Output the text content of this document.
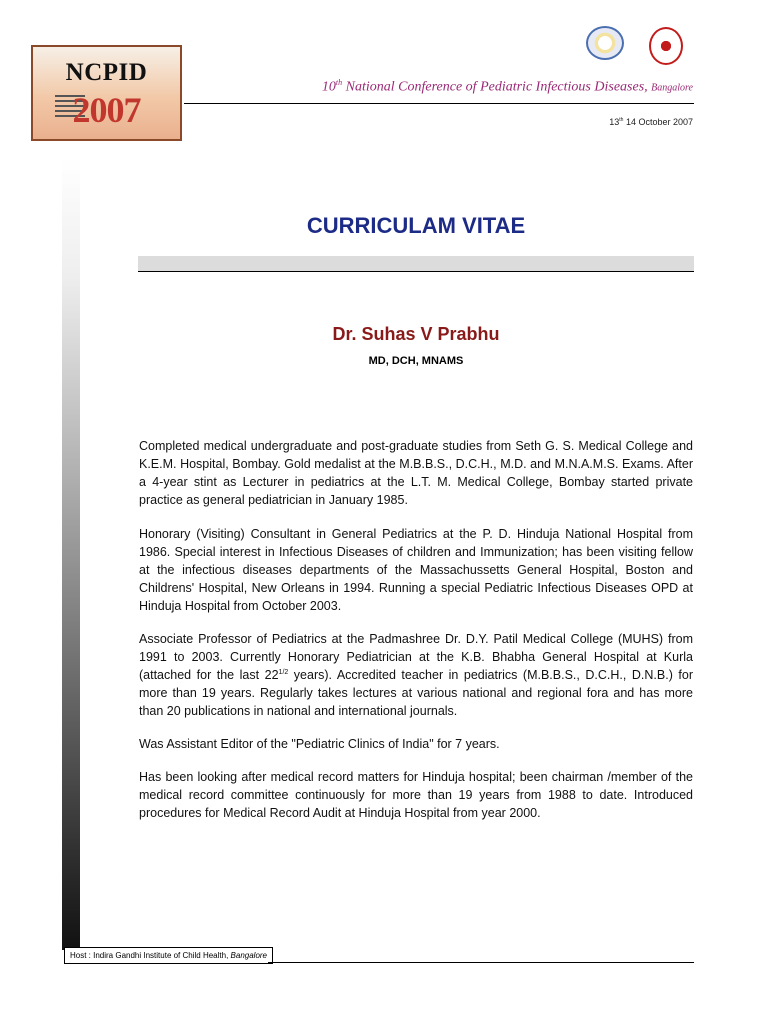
NCPID
2007
10th National Conference of Pediatric Infectious Diseases, Bangalore
13th 14 October 2007
CURRICULAM VITAE
Dr. Suhas V Prabhu
MD, DCH, MNAMS
Completed medical undergraduate and post-graduate studies from Seth G. S. Medical College and K.E.M. Hospital, Bombay. Gold medalist at the M.B.B.S., D.C.H., M.D. and M.N.A.M.S. Exams. After a 4-year stint as Lecturer in pediatrics at the L.T. M. Medical College, Bombay started private practice as general pediatrician in January 1985.
Honorary (Visiting) Consultant in General Pediatrics at the P. D. Hinduja National Hospital from 1986. Special interest in Infectious Diseases of children and Immunization; has been visiting fellow at the infectious diseases departments of the Massachussetts General Hospital, Boston and Childrens' Hospital, New Orleans in 1994. Running a special Pediatric Infectious Diseases OPD at Hinduja Hospital from October 2003.
Associate Professor of Pediatrics at the Padmashree Dr. D.Y. Patil Medical College (MUHS) from 1991 to 2003. Currently Honorary Pediatrician at the K.B. Bhabha General Hospital at Kurla (attached for the last $22^{1/2}$ years). Accredited teacher in pediatrics (M.B.B.S., D.C.H., D.N.B.) for more than 19 years. Regularly takes lectures at various national and regional fora and has more than 20 publications in national and international journals.
Was Assistant Editor of the "Pediatric Clinics of India" for 7 years.
Has been looking after medical record matters for Hinduja hospital; been chairman /member of the medical record committee continuously for more than 19 years from 1988 to date. Introduced procedures for Medical Record Audit at Hinduja Hospital from year 2000.
Host : Indira Gandhi Institute of Child Health, Bangalore
